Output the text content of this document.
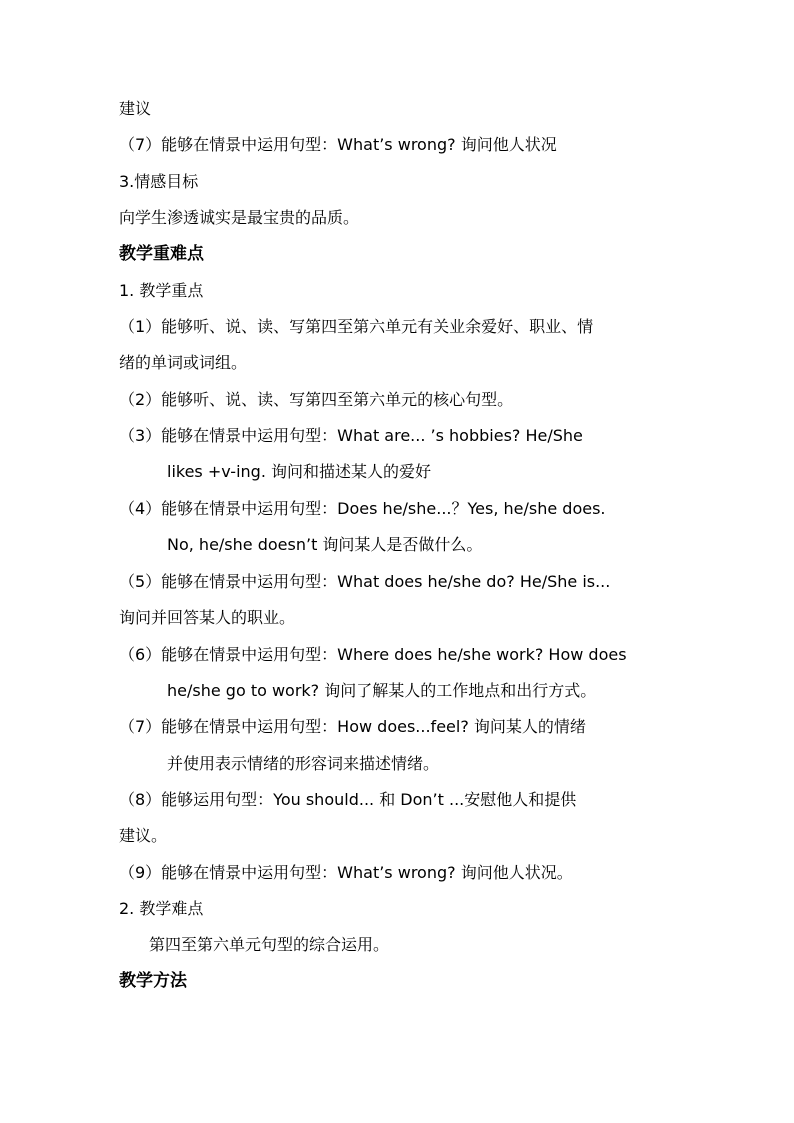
建议
（7）能够在情景中运用句型：What’s wrong? 询问他人状况
3.情感目标
向学生渗透诚实是最宝贵的品质。
教学重难点
1. 教学重点
（1）能够听、说、读、写第四至第六单元有关业余爱好、职业、情
绪的单词或词组。
（2）能够听、说、读、写第四至第六单元的核心句型。
（3）能够在情景中运用句型：What are... ’s hobbies? He/She
likes +v-ing. 询问和描述某人的爱好
（4）能够在情景中运用句型：Does he/she...？Yes, he/she does.
No, he/she doesn’t 询问某人是否做什么。
（5）能够在情景中运用句型：What does he/she do? He/She is...
询问并回答某人的职业。
（6）能够在情景中运用句型：Where does he/she work? How does
he/she go to work? 询问了解某人的工作地点和出行方式。
（7）能够在情景中运用句型：How does...feel? 询问某人的情绪
并使用表示情绪的形容词来描述情绪。
（8）能够运用句型：You should... 和 Don’t ...安慰他人和提供
建议。
（9）能够在情景中运用句型：What’s wrong? 询问他人状况。
2. 教学难点
第四至第六单元句型的综合运用。
教学方法
